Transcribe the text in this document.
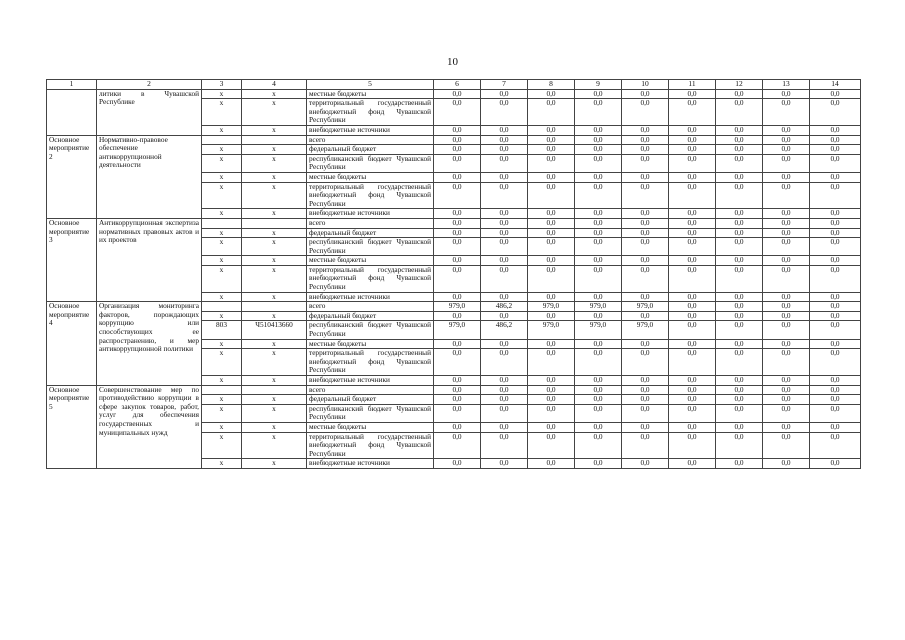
10
1	2	3	4	5	6	7	8	9	10	11	12	13	14
	литики в Чувашской Республике	x	x	местные бюджеты	0,0	0,0	0,0	0,0	0,0	0,0	0,0	0,0	0,0
		x	x	территориальный государственный внебюджетный фонд Чувашской Республики	0,0	0,0	0,0	0,0	0,0	0,0	0,0	0,0	0,0
		x	x	внебюджетные источники	0,0	0,0	0,0	0,0	0,0	0,0	0,0	0,0	0,0
Основное мероприятие 2	Нормативно-правовое обеспечение антикоррупционной деятельности			всего	0,0	0,0	0,0	0,0	0,0	0,0	0,0	0,0	0,0
		x	x	федеральный бюджет	0,0	0,0	0,0	0,0	0,0	0,0	0,0	0,0	0,0
		x	x	республиканский бюджет Чувашской Республики	0,0	0,0	0,0	0,0	0,0	0,0	0,0	0,0	0,0
		x	x	местные бюджеты	0,0	0,0	0,0	0,0	0,0	0,0	0,0	0,0	0,0
		x	x	территориальный государственный внебюджетный фонд Чувашской Республики	0,0	0,0	0,0	0,0	0,0	0,0	0,0	0,0	0,0
		x	x	внебюджетные источники	0,0	0,0	0,0	0,0	0,0	0,0	0,0	0,0	0,0
Основное мероприятие 3	Антикоррупционная экспертиза нормативных правовых актов и их проектов			всего	0,0	0,0	0,0	0,0	0,0	0,0	0,0	0,0	0,0
		x	x	федеральный бюджет	0,0	0,0	0,0	0,0	0,0	0,0	0,0	0,0	0,0
		x	x	республиканский бюджет Чувашской Республики	0,0	0,0	0,0	0,0	0,0	0,0	0,0	0,0	0,0
		x	x	местные бюджеты	0,0	0,0	0,0	0,0	0,0	0,0	0,0	0,0	0,0
		x	x	территориальный государственный внебюджетный фонд Чувашской Республики	0,0	0,0	0,0	0,0	0,0	0,0	0,0	0,0	0,0
		x	x	внебюджетные источники	0,0	0,0	0,0	0,0	0,0	0,0	0,0	0,0	0,0
Основное мероприятие 4	Организация мониторинга факторов, порождающих коррупцию или способствующих ее распространению, и мер антикоррупционной политики			всего	979,0	486,2	979,0	979,0	979,0	0,0	0,0	0,0	0,0
		x	x	федеральный бюджет	0,0	0,0	0,0	0,0	0,0	0,0	0,0	0,0	0,0
		803	Ч510413660	республиканский бюджет Чувашской Республики	979,0	486,2	979,0	979,0	979,0	0,0	0,0	0,0	0,0
		x	x	местные бюджеты	0,0	0,0	0,0	0,0	0,0	0,0	0,0	0,0	0,0
		x	x	территориальный государственный внебюджетный фонд Чувашской Республики	0,0	0,0	0,0	0,0	0,0	0,0	0,0	0,0	0,0
		x	x	внебюджетные источники	0,0	0,0	0,0	0,0	0,0	0,0	0,0	0,0	0,0
Основное мероприятие 5	Совершенствование мер по противодействию коррупции в сфере закупок товаров, работ, услуг для обеспечения государственных и муниципальных нужд			всего	0,0	0,0	0,0	0,0	0,0	0,0	0,0	0,0	0,0
		x	x	федеральный бюджет	0,0	0,0	0,0	0,0	0,0	0,0	0,0	0,0	0,0
		x	x	республиканский бюджет Чувашской Республики	0,0	0,0	0,0	0,0	0,0	0,0	0,0	0,0	0,0
		x	x	местные бюджеты	0,0	0,0	0,0	0,0	0,0	0,0	0,0	0,0	0,0
		x	x	территориальный государственный внебюджетный фонд Чувашской Республики	0,0	0,0	0,0	0,0	0,0	0,0	0,0	0,0	0,0
		x	x	внебюджетные источники	0,0	0,0	0,0	0,0	0,0	0,0	0,0	0,0	0,0
